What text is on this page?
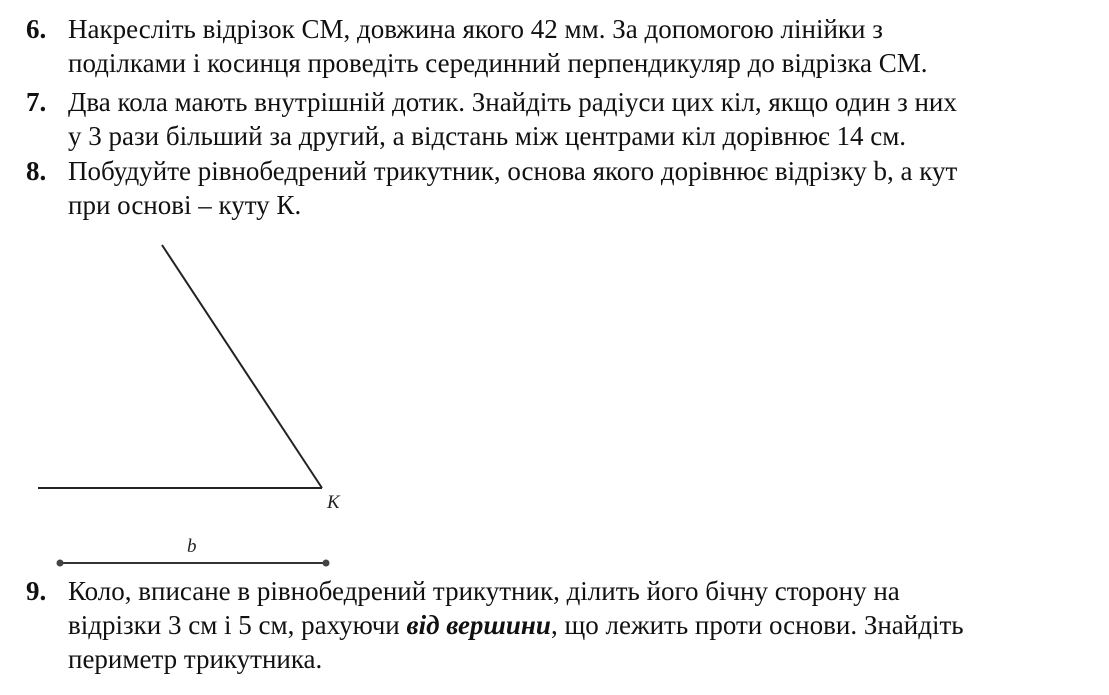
6. Накресліть відрізок СМ, довжина якого 42 мм. За допомогою лінійки з
поділками і косинця проведіть серединний перпендикуляр до відрізка СМ.
7. Два кола мають внутрішній дотик. Знайдіть радіуси цих кіл, якщо один з них
у 3 рази більший за другий, а відстань між центрами кіл дорівнює 14 см.
8. Побудуйте рівнобедрений трикутник, основа якого дорівнює відрізку b, а кут
при основі – куту К.
K
b
9. Коло, вписане в рівнобедрений трикутник, ділить його бічну сторону на
відрізки 3 см і 5 см, рахуючи від вершини, що лежить проти основи. Знайдіть
периметр трикутника.
